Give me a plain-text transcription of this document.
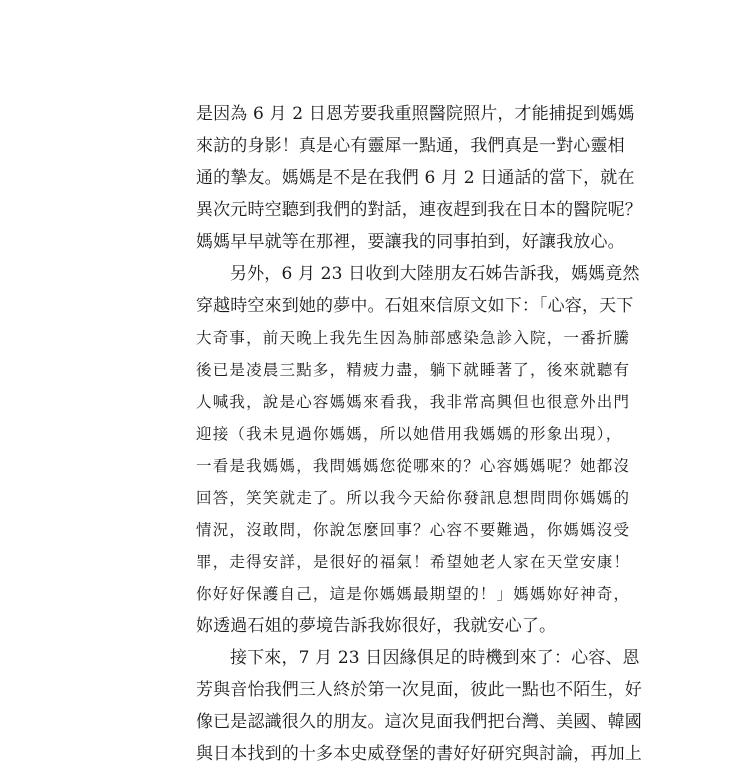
是因為 6 月 2 日恩芳要我重照醫院照片，才能捕捉到媽媽
來訪的身影！真是心有靈犀一點通，我們真是一對心靈相
通的摯友。媽媽是不是在我們 6 月 2 日通話的當下，就在
異次元時空聽到我們的對話，連夜趕到我在日本的醫院呢？
媽媽早早就等在那裡，要讓我的同事拍到，好讓我放心。
另外，6 月 23 日收到大陸朋友石姊告訴我，媽媽竟然
穿越時空來到她的夢中。石姐來信原文如下：「心容，天下
大奇事，前天晚上我先生因為肺部感染急診入院，一番折騰
後已是凌晨三點多，精疲力盡，躺下就睡著了，後來就聽有
人喊我，說是心容媽媽來看我，我非常高興但也很意外出門
迎接（我未見過你媽媽，所以她借用我媽媽的形象出現），
一看是我媽媽，我問媽媽您從哪來的？心容媽媽呢？她都沒
回答，笑笑就走了。所以我今天給你發訊息想問問你媽媽的
情況，沒敢問，你說怎麼回事？心容不要難過，你媽媽沒受
罪，走得安詳，是很好的福氣！希望她老人家在天堂安康！
你好好保護自己，這是你媽媽最期望的！」媽媽妳好神奇，
妳透過石姐的夢境告訴我妳很好，我就安心了。
接下來，7 月 23 日因緣俱足的時機到來了：心容、恩
芳與音怡我們三人終於第一次見面，彼此一點也不陌生，好
像已是認識很久的朋友。這次見面我們把台灣、美國、韓國
與日本找到的十多本史威登堡的書好好研究與討論，再加上
